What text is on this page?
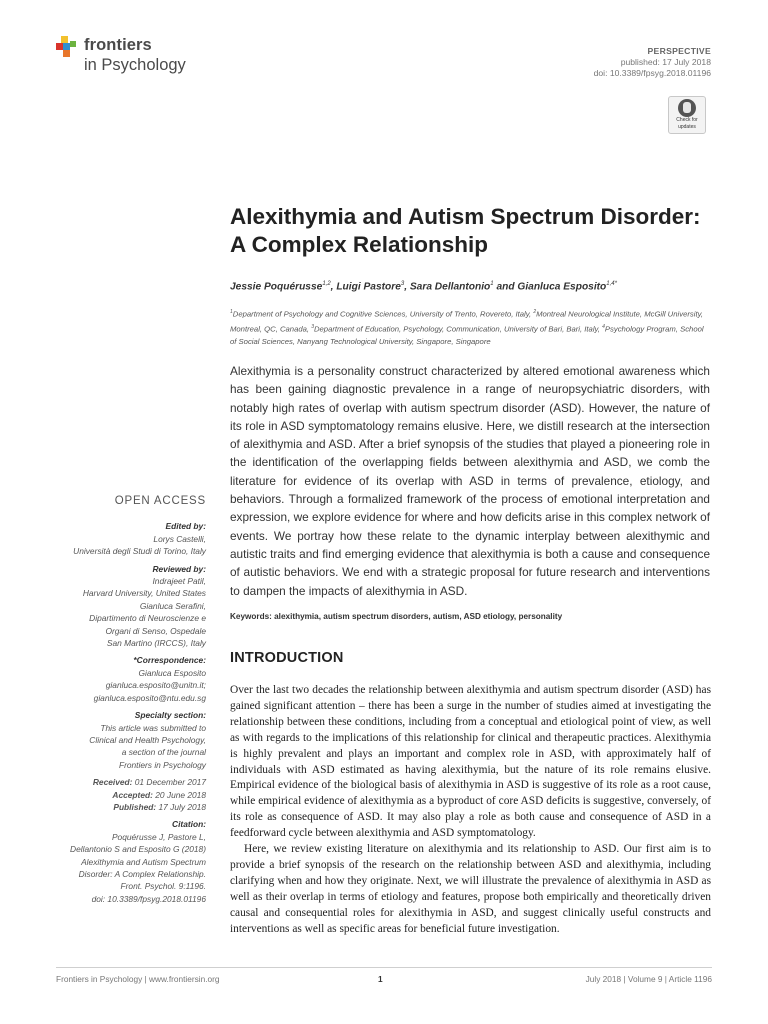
frontiers
in Psychology
PERSPECTIVE
published: 17 July 2018
doi: 10.3389/fpsyg.2018.01196
Check for
updates
Alexithymia and Autism Spectrum Disorder: A Complex Relationship
Jessie Poquérusse$^{1,2}$, Luigi Pastore$^3$, Sara Dellantonio$^1$ and Gianluca Esposito$^{1,4*}$
$^1$Department of Psychology and Cognitive Sciences, University of Trento, Rovereto, Italy, $^2$Montreal Neurological Institute, McGill University, Montreal, QC, Canada, $^3$Department of Education, Psychology, Communication, University of Bari, Bari, Italy, $^4$Psychology Program, School of Social Sciences, Nanyang Technological University, Singapore, Singapore
Alexithymia is a personality construct characterized by altered emotional awareness which has been gaining diagnostic prevalence in a range of neuropsychiatric disorders, with notably high rates of overlap with autism spectrum disorder (ASD). However, the nature of its role in ASD symptomatology remains elusive. Here, we distill research at the intersection of alexithymia and ASD. After a brief synopsis of the studies that played a pioneering role in the identification of the overlapping fields between alexithymia and ASD, we comb the literature for evidence of its overlap with ASD in terms of prevalence, etiology, and behaviors. Through a formalized framework of the process of emotional interpretation and expression, we explore evidence for where and how deficits arise in this complex network of events. We portray how these relate to the dynamic interplay between alexithymic and autistic traits and find emerging evidence that alexithymia is both a cause and consequence of autistic behaviors. We end with a strategic proposal for future research and interventions to dampen the impacts of alexithymia in ASD.
Keywords: alexithymia, autism spectrum disorders, autism, ASD etiology, personality
INTRODUCTION

Over the last two decades the relationship between alexithymia and autism spectrum disorder (ASD) has gained significant attention – there has been a surge in the number of studies aimed at investigating the relationship between these conditions, including from a conceptual and etiological point of view, as well as with regards to the implications of this relationship for clinical and therapeutic practices. Alexithymia is highly prevalent and plays an important and complex role in ASD, with approximately half of individuals with ASD estimated as having alexithymia, but the nature of its role remains elusive. Empirical evidence of the biological basis of alexithymia in ASD is suggestive of its role as a root cause, while empirical evidence of alexithymia as a byproduct of core ASD deficits is suggestive, conversely, of its role as consequence of ASD. It may also play a role as both cause and consequence of ASD in a feedforward cycle between alexithymia and ASD symptomatology.

Here, we review existing literature on alexithymia and its relationship to ASD. Our first aim is to provide a brief synopsis of the research on the relationship between ASD and alexithymia, including clarifying when and how they originate. Next, we will illustrate the prevalence of alexithymia in ASD as well as their overlap in terms of etiology and features, propose both empirically and theoretically driven causal and consequential roles for alexithymia in ASD, and suggest clinically useful constructs and interventions as well as specific areas for beneficial future investigation.

OPEN ACCESS
Edited by:
Lorys Castelli,
Università degli Studi di Torino, Italy
Reviewed by:
Indrajeet Patil,
Harvard University, United States
Gianluca Serafini,
Dipartimento di Neuroscienze e
Organi di Senso, Ospedale
San Martino (IRCCS), Italy
*Correspondence:
Gianluca Esposito
gianluca.esposito@unitn.it;
gianluca.esposito@ntu.edu.sg
Specialty section:
This article was submitted to
Clinical and Health Psychology,
a section of the journal
Frontiers in Psychology
Received: 01 December 2017
Accepted: 20 June 2018
Published: 17 July 2018
Citation:
Poquérusse J, Pastore L,
Dellantonio S and Esposito G (2018)
Alexithymia and Autism Spectrum
Disorder: A Complex Relationship.
Front. Psychol. 9:1196.
doi: 10.3389/fpsyg.2018.01196
Frontiers in Psychology | www.frontiersin.org	1	July 2018 | Volume 9 | Article 1196
